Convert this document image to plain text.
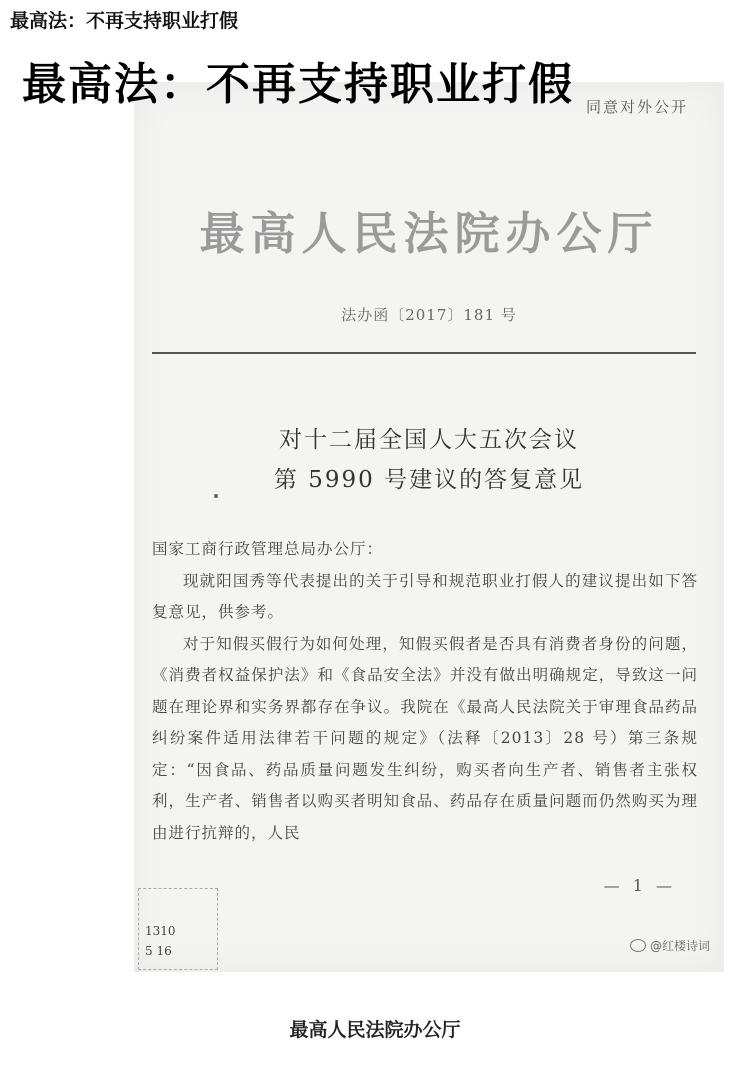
最高法：不再支持职业打假
最高法：不再支持职业打假 同意对外公开
最高人民法院办公厅
法办函〔2017〕181 号
对十二届全国人大五次会议
第 5990 号建议的答复意见

国家工商行政管理总局办公厅：

现就阳国秀等代表提出的关于引导和规范职业打假人的建议提出如下答复意见，供参考。

对于知假买假行为如何处理，知假买假者是否具有消费者身份的问题，《消费者权益保护法》和《食品安全法》并没有做出明确规定，导致这一问题在理论界和实务界都存在争议。我院在《最高人民法院关于审理食品药品纠纷案件适用法律若干问题的规定》（法释〔2013〕28 号）第三条规定：“因食品、药品质量问题发生纠纷，购买者向生产者、销售者主张权利，生产者、销售者以购买者明知食品、药品存在质量问题而仍然购买为理由进行抗辩的，人民

— 1 —
1310
5 16	@红楼诗词
最高人民法院办公厅
